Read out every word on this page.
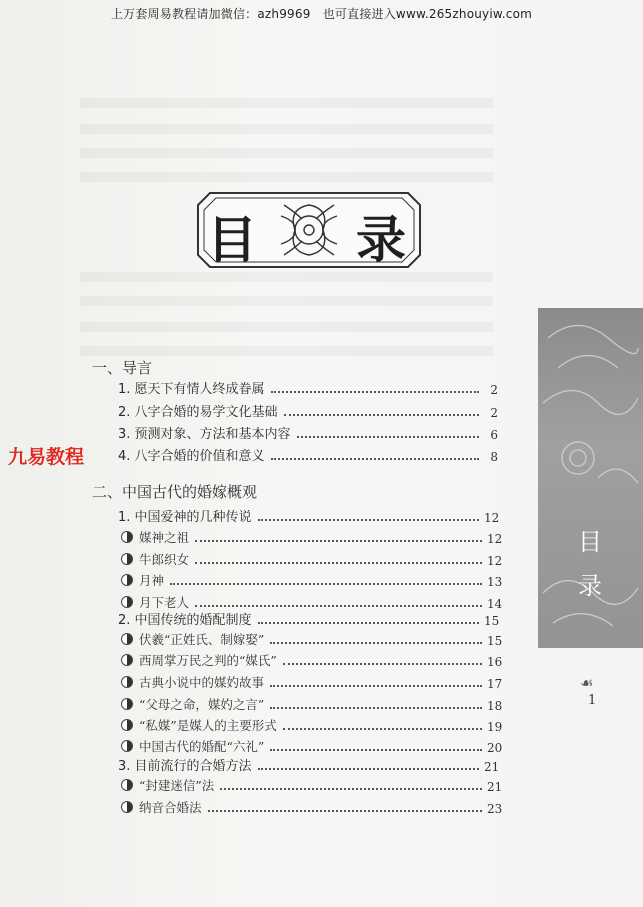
上万套周易教程请加微信：azh9969　也可直接进入www.265zhouyiw.com
目 录
目
录
☙
1
九易教程
一、导言
1. 愿天下有情人终成眷属	2
2. 八字合婚的易学文化基础	2
3. 预测对象、方法和基本内容	6
4. 八字合婚的价值和意义	8
二、中国古代的婚嫁概观
1. 中国爱神的几种传说	12
媒神之祖	12
牛郎织女	12
月神	13
月下老人	14
2. 中国传统的婚配制度	15
伏羲“正姓氏、制嫁娶”	15
西周掌万民之判的“媒氏”	16
古典小说中的媒妁故事	17
“父母之命，媒妁之言”	18
“私媒”是媒人的主要形式	19
中国古代的婚配“六礼”	20
3. 目前流行的合婚方法	21
“封建迷信”法	21
纳音合婚法	23
